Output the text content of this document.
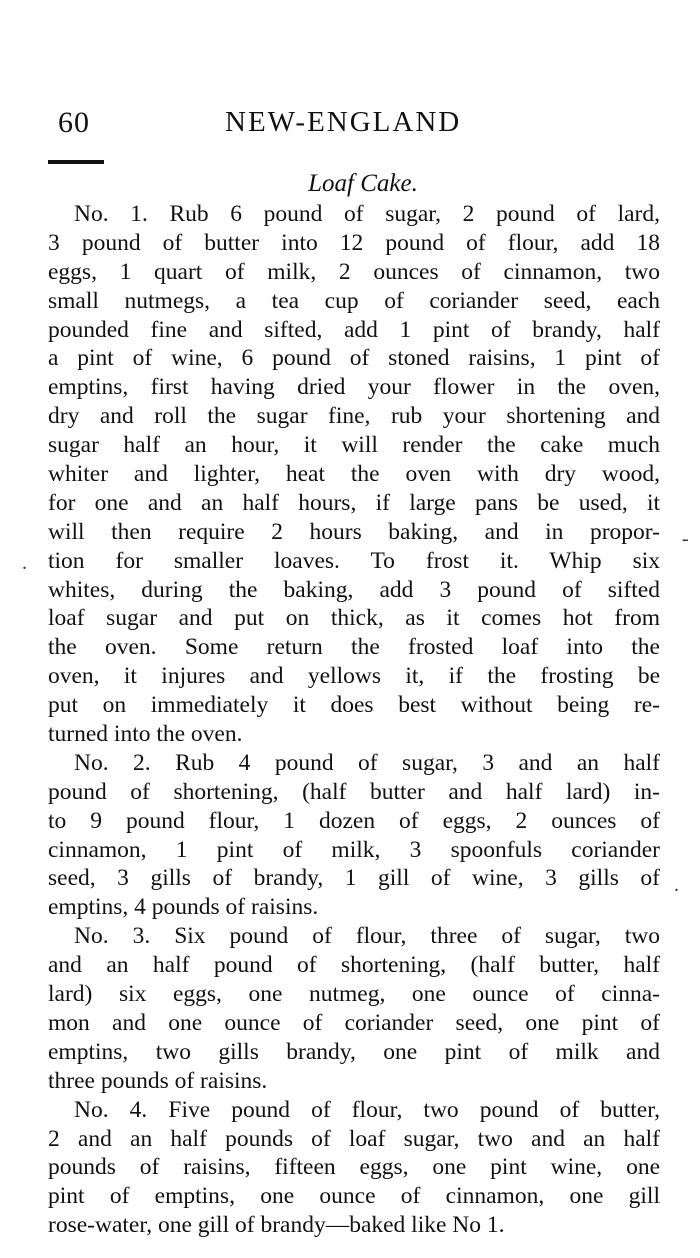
60	NEW-ENGLAND
Loaf Cake.
No. 1. Rub 6 pound of sugar, 2 pound of lard,
3 pound of butter into 12 pound of flour, add 18
eggs, 1 quart of milk, 2 ounces of cinnamon, two
small nutmegs, a tea cup of coriander seed, each
pounded fine and sifted, add 1 pint of brandy, half
a pint of wine, 6 pound of stoned raisins, 1 pint of
emptins, first having dried your flower in the oven,
dry and roll the sugar fine, rub your shortening and
sugar half an hour, it will render the cake much
whiter and lighter, heat the oven with dry wood,
for one and an half hours, if large pans be used, it
will then require 2 hours baking, and in propor-
tion for smaller loaves. To frost it. Whip six
whites, during the baking, add 3 pound of sifted
loaf sugar and put on thick, as it comes hot from
the oven. Some return the frosted loaf into the
oven, it injures and yellows it, if the frosting be
put on immediately it does best without being re-
turned into the oven.
No. 2. Rub 4 pound of sugar, 3 and an half
pound of shortening, (half butter and half lard) in-
to 9 pound flour, 1 dozen of eggs, 2 ounces of
cinnamon, 1 pint of milk, 3 spoonfuls coriander
seed, 3 gills of brandy, 1 gill of wine, 3 gills of
emptins, 4 pounds of raisins.
No. 3. Six pound of flour, three of sugar, two
and an half pound of shortening, (half butter, half
lard) six eggs, one nutmeg, one ounce of cinna-
mon and one ounce of coriander seed, one pint of
emptins, two gills brandy, one pint of milk and
three pounds of raisins.
No. 4. Five pound of flour, two pound of butter,
2 and an half pounds of loaf sugar, two and an half
pounds of raisins, fifteen eggs, one pint wine, one
pint of emptins, one ounce of cinnamon, one gill
rose-water, one gill of brandy—baked like No 1.
-
.
.
